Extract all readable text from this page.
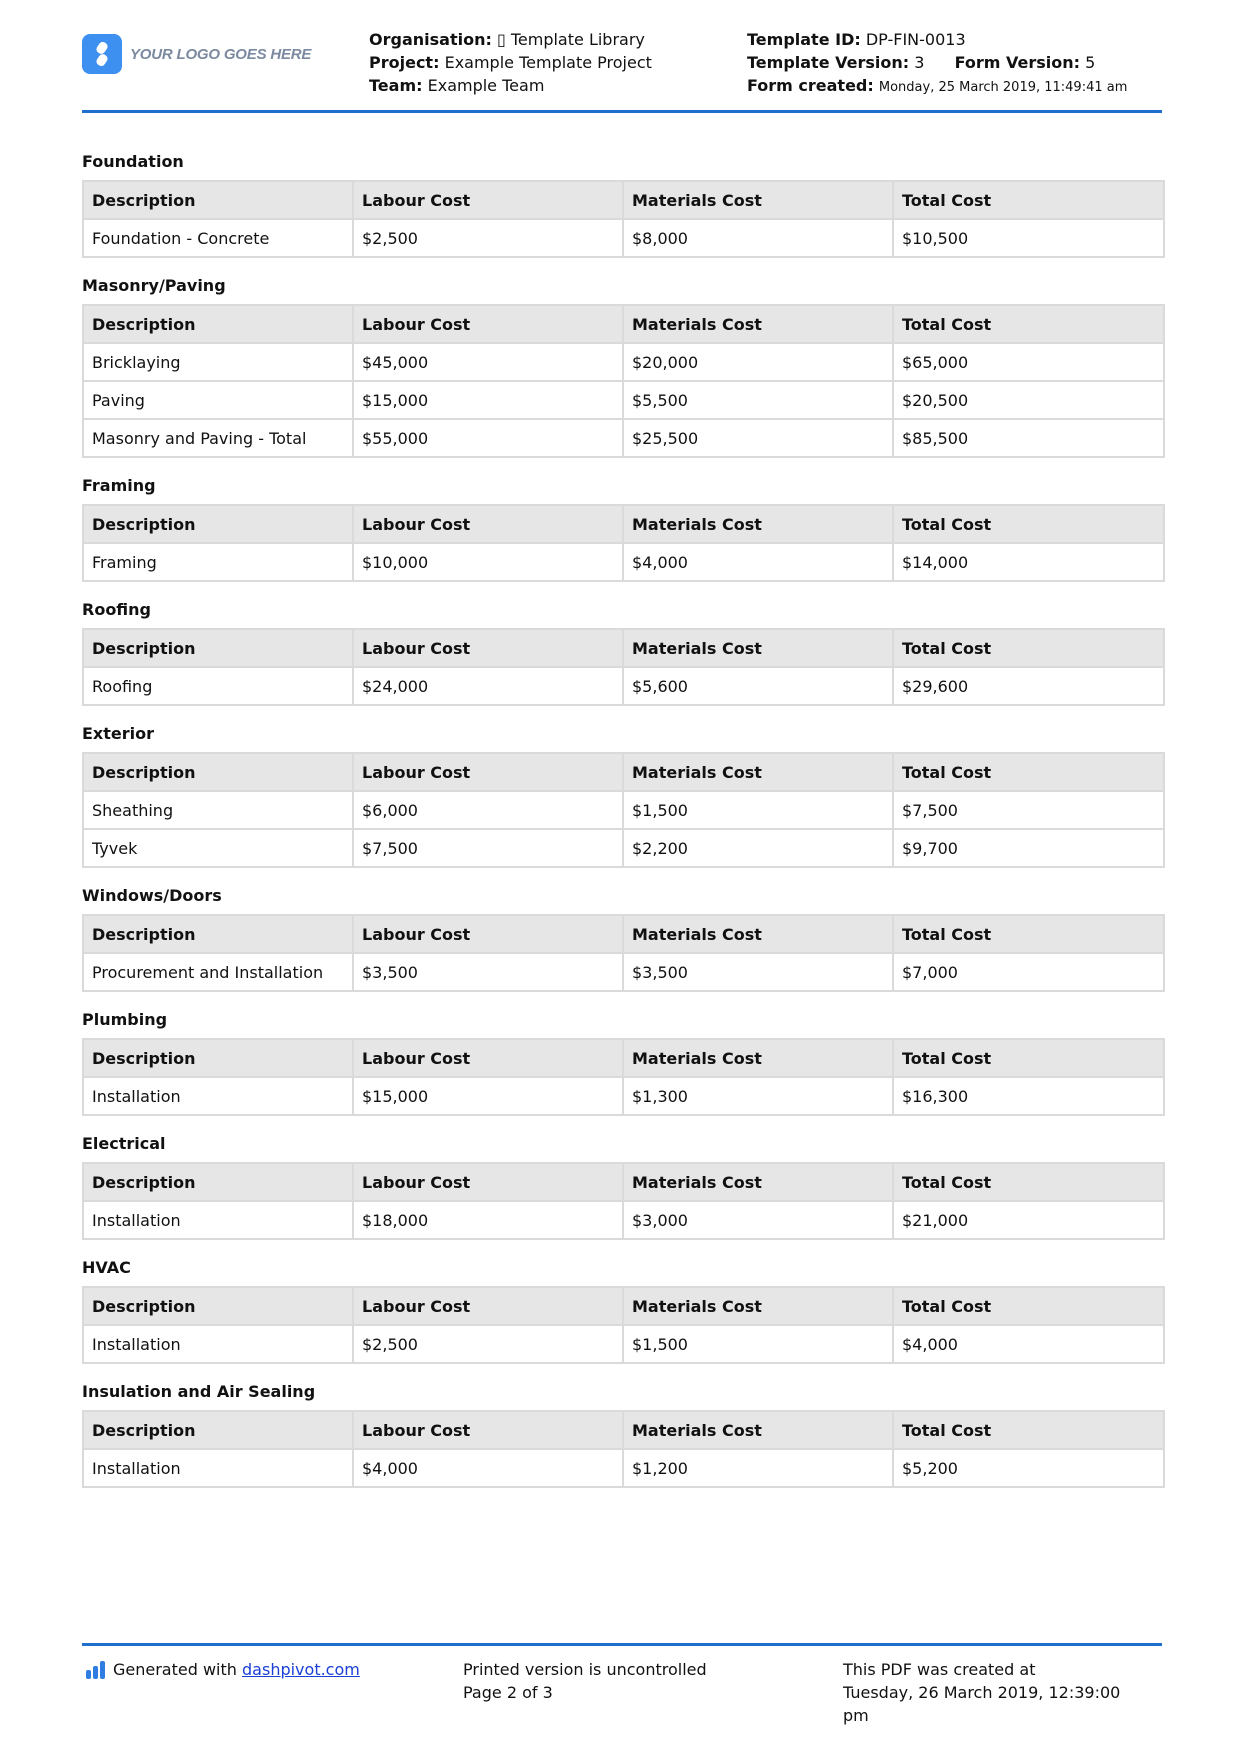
YOUR LOGO GOES HERE
Organisation: ▯ Template Library
Project: Example Template Project
Team: Example Team
Template ID: DP-FIN-0013
Template Version: 3 Form Version: 5
Form created: Monday, 25 March 2019, 11:49:41 am
Foundation
Description	Labour Cost	Materials Cost	Total Cost
Foundation - Concrete	$2,500	$8,000	$10,500
Masonry/Paving
Description	Labour Cost	Materials Cost	Total Cost
Bricklaying	$45,000	$20,000	$65,000
Paving	$15,000	$5,500	$20,500
Masonry and Paving - Total	$55,000	$25,500	$85,500
Framing
Description	Labour Cost	Materials Cost	Total Cost
Framing	$10,000	$4,000	$14,000
Roofing
Description	Labour Cost	Materials Cost	Total Cost
Roofing	$24,000	$5,600	$29,600
Exterior
Description	Labour Cost	Materials Cost	Total Cost
Sheathing	$6,000	$1,500	$7,500
Tyvek	$7,500	$2,200	$9,700
Windows/Doors
Description	Labour Cost	Materials Cost	Total Cost
Procurement and Installation	$3,500	$3,500	$7,000
Plumbing
Description	Labour Cost	Materials Cost	Total Cost
Installation	$15,000	$1,300	$16,300
Electrical
Description	Labour Cost	Materials Cost	Total Cost
Installation	$18,000	$3,000	$21,000
HVAC
Description	Labour Cost	Materials Cost	Total Cost
Installation	$2,500	$1,500	$4,000
Insulation and Air Sealing
Description	Labour Cost	Materials Cost	Total Cost
Installation	$4,000	$1,200	$5,200
Generated with
dashpivot.com	Printed version is uncontrolled
Page 2 of 3
This PDF was created at
Tuesday, 26 March 2019, 12:39:00
pm
